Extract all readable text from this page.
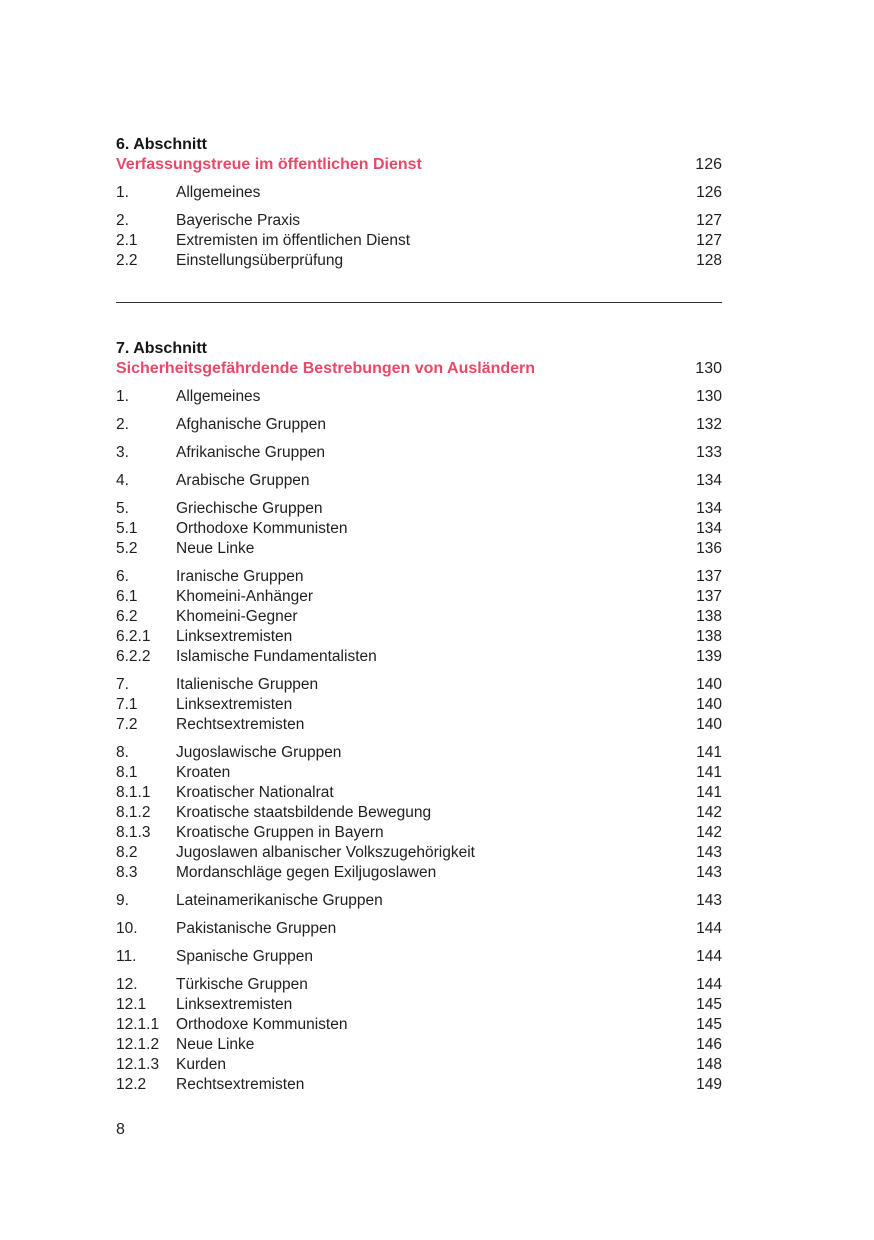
6. Abschnitt
Verfassungstreue im öffentlichen Dienst	126
1.	Allgemeines	126
2.	Bayerische Praxis	127
2.1 Extremisten im öffentlichen Dienst	127
2.2 Einstellungsüberprüfung	128
7. Abschnitt
Sicherheitsgefährdende Bestrebungen von Ausländern	130
1.	Allgemeines	130
2.	Afghanische Gruppen	132
3.	Afrikanische Gruppen	133
4.	Arabische Gruppen	134
5.	Griechische Gruppen	134
5.1 Orthodoxe Kommunisten	134
5.2 Neue Linke	136
6.	Iranische Gruppen	137
6.1 Khomeini-Anhänger	137
6.2 Khomeini-Gegner	138
6.2.1 Linksextremisten	138
6.2.2 Islamische Fundamentalisten	139
7.	Italienische Gruppen	140
7.1 Linksextremisten	140
7.2 Rechtsextremisten	140
8.	Jugoslawische Gruppen	141
8.1 Kroaten	141
8.1.1 Kroatischer Nationalrat	141
8.1.2 Kroatische staatsbildende Bewegung	142
8.1.3 Kroatische Gruppen in Bayern	142
8.2 Jugoslawen albanischer Volkszugehörigkeit	143
8.3 Mordanschläge gegen Exiljugoslawen	143
9.	Lateinamerikanische Gruppen	143
10. Pakistanische Gruppen	144
11.	Spanische Gruppen	144
12. Türkische Gruppen	144
12.1 Linksextremisten	145
12.1.1 Orthodoxe Kommunisten	145
12.1.2 Neue Linke	146
12.1.3 Kurden	148
12.2 Rechtsextremisten	149
8
